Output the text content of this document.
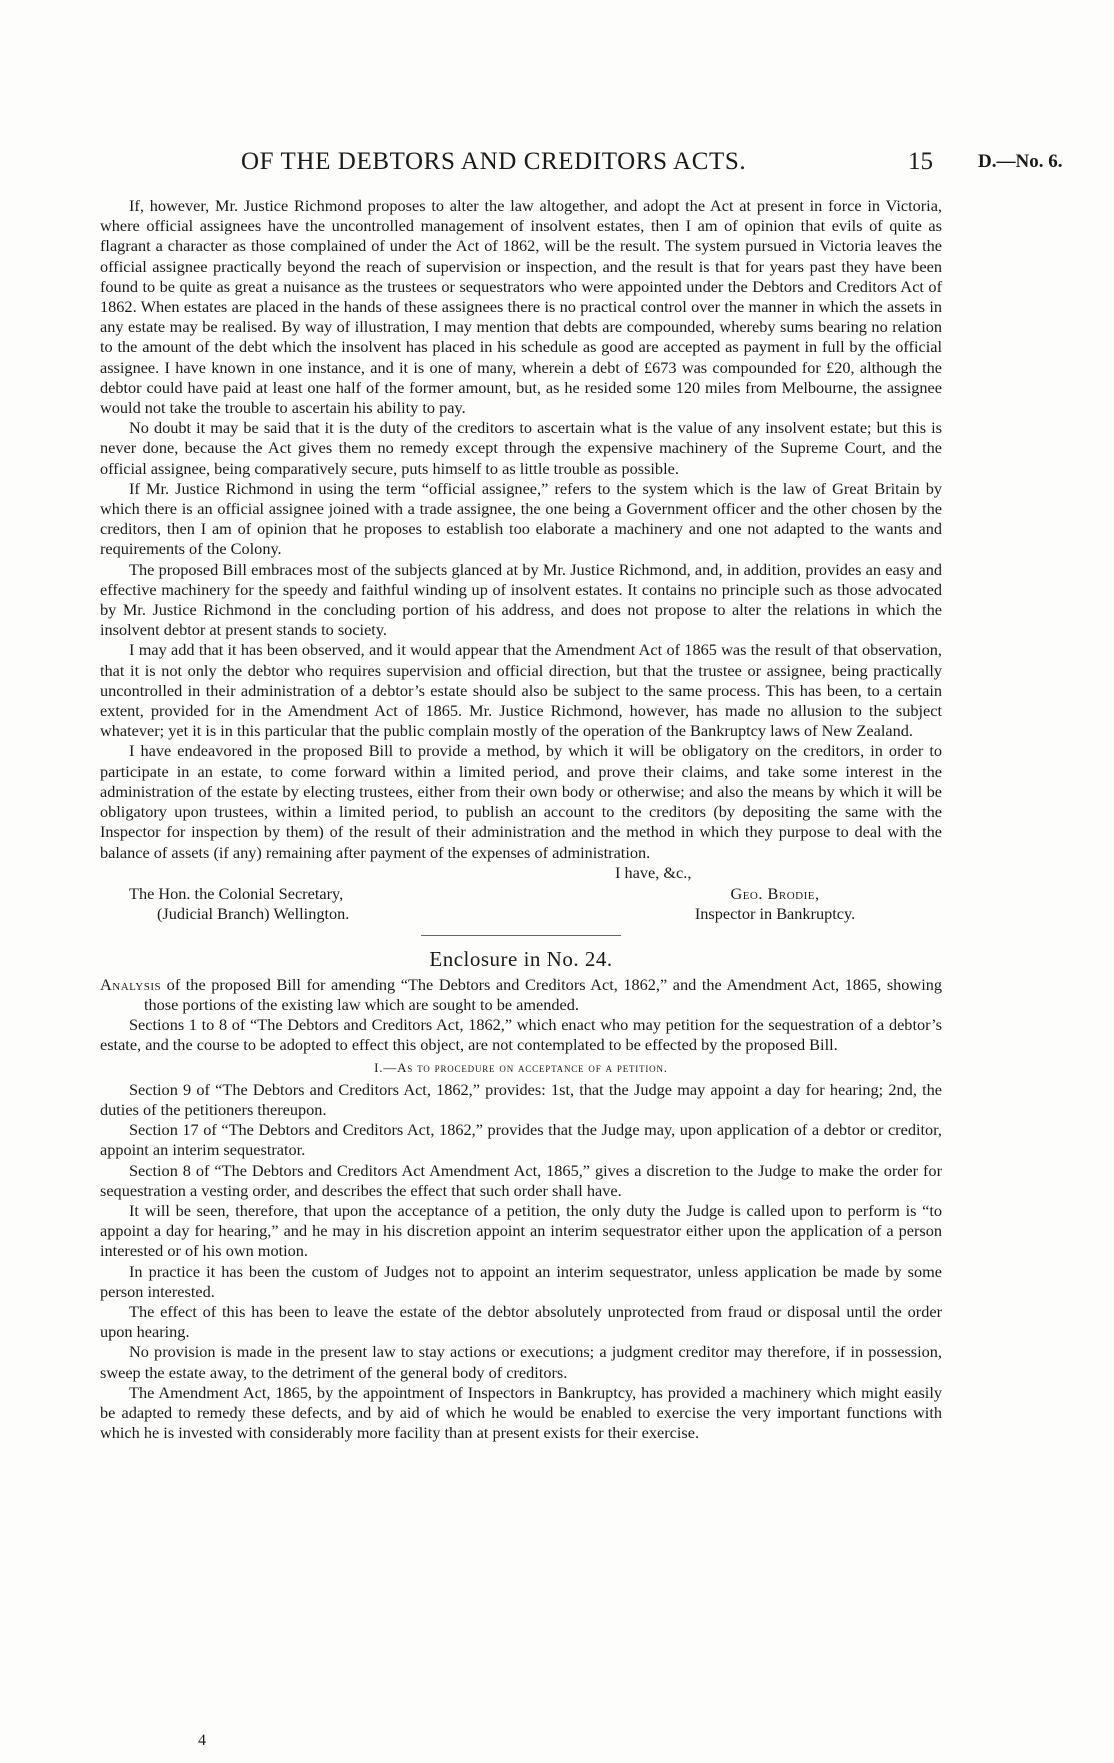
OF THE DEBTORS AND CREDITORS ACTS.	15 D.—No. 6.

If, however, Mr. Justice Richmond proposes to alter the law altogether, and adopt the Act at present in force in Victoria, where official assignees have the uncontrolled management of insolvent estates, then I am of opinion that evils of quite as flagrant a character as those complained of under the Act of 1862, will be the result. The system pursued in Victoria leaves the official assignee practically beyond the reach of supervision or inspection, and the result is that for years past they have been found to be quite as great a nuisance as the trustees or sequestrators who were appointed under the Debtors and Creditors Act of 1862. When estates are placed in the hands of these assignees there is no practical control over the manner in which the assets in any estate may be realised. By way of illustration, I may mention that debts are compounded, whereby sums bearing no relation to the amount of the debt which the insolvent has placed in his schedule as good are accepted as payment in full by the official assignee. I have known in one instance, and it is one of many, wherein a debt of £673 was compounded for £20, although the debtor could have paid at least one half of the former amount, but, as he resided some 120 miles from Melbourne, the assignee would not take the trouble to ascertain his ability to pay.

No doubt it may be said that it is the duty of the creditors to ascertain what is the value of any insolvent estate; but this is never done, because the Act gives them no remedy except through the expensive machinery of the Supreme Court, and the official assignee, being comparatively secure, puts himself to as little trouble as possible.

If Mr. Justice Richmond in using the term “official assignee,” refers to the system which is the law of Great Britain by which there is an official assignee joined with a trade assignee, the one being a Government officer and the other chosen by the creditors, then I am of opinion that he proposes to establish too elaborate a machinery and one not adapted to the wants and requirements of the Colony.

The proposed Bill embraces most of the subjects glanced at by Mr. Justice Richmond, and, in addition, provides an easy and effective machinery for the speedy and faithful winding up of insolvent estates. It contains no principle such as those advocated by Mr. Justice Richmond in the concluding portion of his address, and does not propose to alter the relations in which the insolvent debtor at present stands to society.

I may add that it has been observed, and it would appear that the Amendment Act of 1865 was the result of that observation, that it is not only the debtor who requires supervision and official direction, but that the trustee or assignee, being practically uncontrolled in their administration of a debtor’s estate should also be subject to the same process. This has been, to a certain extent, provided for in the Amendment Act of 1865. Mr. Justice Richmond, however, has made no allusion to the subject whatever; yet it is in this particular that the public complain mostly of the operation of the Bankruptcy laws of New Zealand.

I have endeavored in the proposed Bill to provide a method, by which it will be obligatory on the creditors, in order to participate in an estate, to come forward within a limited period, and prove their claims, and take some interest in the administration of the estate by electing trustees, either from their own body or otherwise; and also the means by which it will be obligatory upon trustees, within a limited period, to publish an account to the creditors (by depositing the same with the Inspector for inspection by them) of the result of their administration and the method in which they purpose to deal with the balance of assets (if any) remaining after payment of the expenses of administration.

I have, &c.,
The Hon. the Colonial Secretary,
(Judicial Branch) Wellington.
Geo. Brodie,
Inspector in Bankruptcy.
Enclosure in No. 24.

Analysis of the proposed Bill for amending “The Debtors and Creditors Act, 1862,” and the Amendment Act, 1865, showing those portions of the existing law which are sought to be amended.

Sections 1 to 8 of “The Debtors and Creditors Act, 1862,” which enact who may petition for the sequestration of a debtor’s estate, and the course to be adopted to effect this object, are not contemplated to be effected by the proposed Bill.

I.—As to procedure on acceptance of a petition.

Section 9 of “The Debtors and Creditors Act, 1862,” provides: 1st, that the Judge may appoint a day for hearing; 2nd, the duties of the petitioners thereupon.

Section 17 of “The Debtors and Creditors Act, 1862,” provides that the Judge may, upon application of a debtor or creditor, appoint an interim sequestrator.

Section 8 of “The Debtors and Creditors Act Amendment Act, 1865,” gives a discretion to the Judge to make the order for sequestration a vesting order, and describes the effect that such order shall have.

It will be seen, therefore, that upon the acceptance of a petition, the only duty the Judge is called upon to perform is “to appoint a day for hearing,” and he may in his discretion appoint an interim sequestrator either upon the application of a person interested or of his own motion.

In practice it has been the custom of Judges not to appoint an interim sequestrator, unless application be made by some person interested.

The effect of this has been to leave the estate of the debtor absolutely unprotected from fraud or disposal until the order upon hearing.

No provision is made in the present law to stay actions or executions; a judgment creditor may therefore, if in possession, sweep the estate away, to the detriment of the general body of creditors.

The Amendment Act, 1865, by the appointment of Inspectors in Bankruptcy, has provided a machinery which might easily be adapted to remedy these defects, and by aid of which he would be enabled to exercise the very important functions with which he is invested with considerably more facility than at present exists for their exercise.

4
